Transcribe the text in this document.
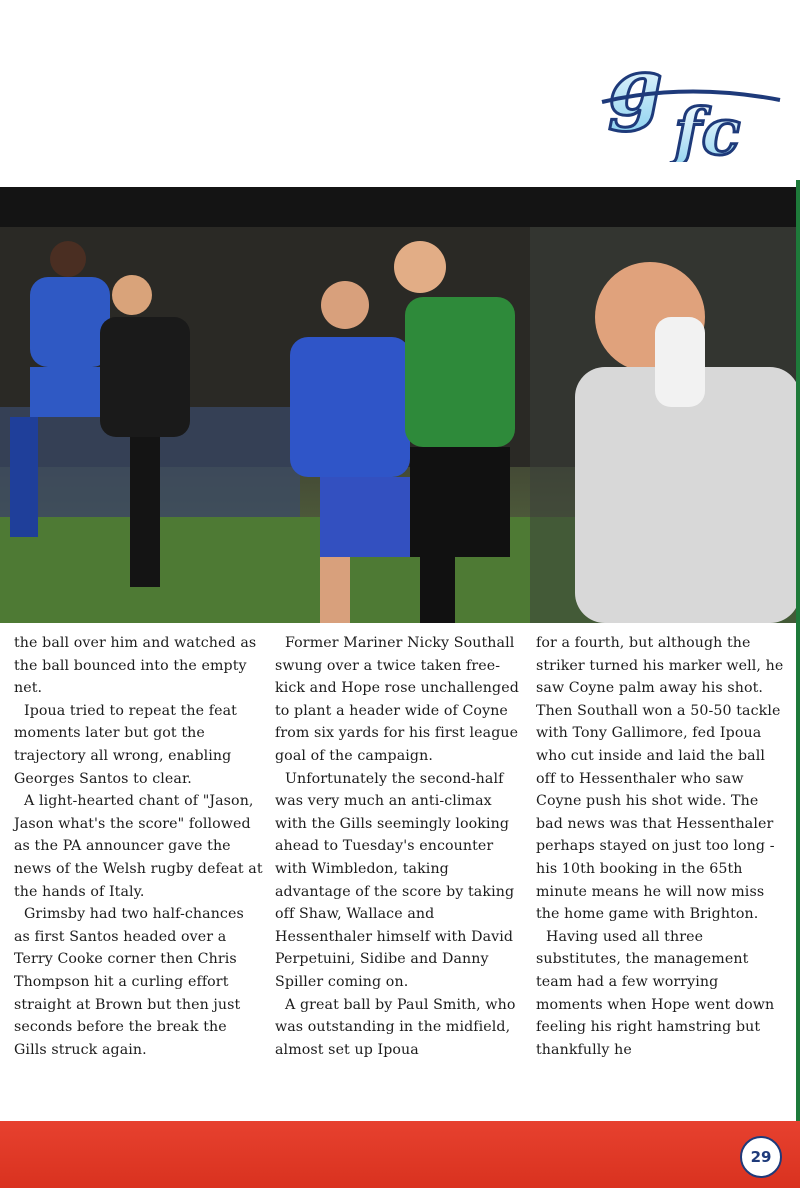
g fc

the ball over him and watched as the ball bounced into the empty net.

Ipoua tried to repeat the feat moments later but got the trajectory all wrong, enabling Georges Santos to clear.

A light-hearted chant of "Jason, Jason what's the score" followed as the PA announcer gave the news of the Welsh rugby defeat at the hands of Italy.

Grimsby had two half-chances as first Santos headed over a Terry Cooke corner then Chris Thompson hit a curling effort straight at Brown but then just seconds before the break the Gills struck again.

Former Mariner Nicky Southall swung over a twice taken free-kick and Hope rose unchallenged to plant a header wide of Coyne from six yards for his first league goal of the campaign.

Unfortunately the second-half was very much an anti-climax with the Gills seemingly looking ahead to Tuesday's encounter with Wimbledon, taking advantage of the score by taking off Shaw, Wallace and Hessenthaler himself with David Perpetuini, Sidibe and Danny Spiller coming on.

A great ball by Paul Smith, who was outstanding in the midfield, almost set up Ipoua

for a fourth, but although the striker turned his marker well, he saw Coyne palm away his shot. Then Southall won a 50-50 tackle with Tony Gallimore, fed Ipoua who cut inside and laid the ball off to Hessenthaler who saw Coyne push his shot wide. The bad news was that Hessenthaler perhaps stayed on just too long - his 10th booking in the 65th minute means he will now miss the home game with Brighton.

Having used all three substitutes, the management team had a few worrying moments when Hope went down feeling his right hamstring but thankfully he

29
